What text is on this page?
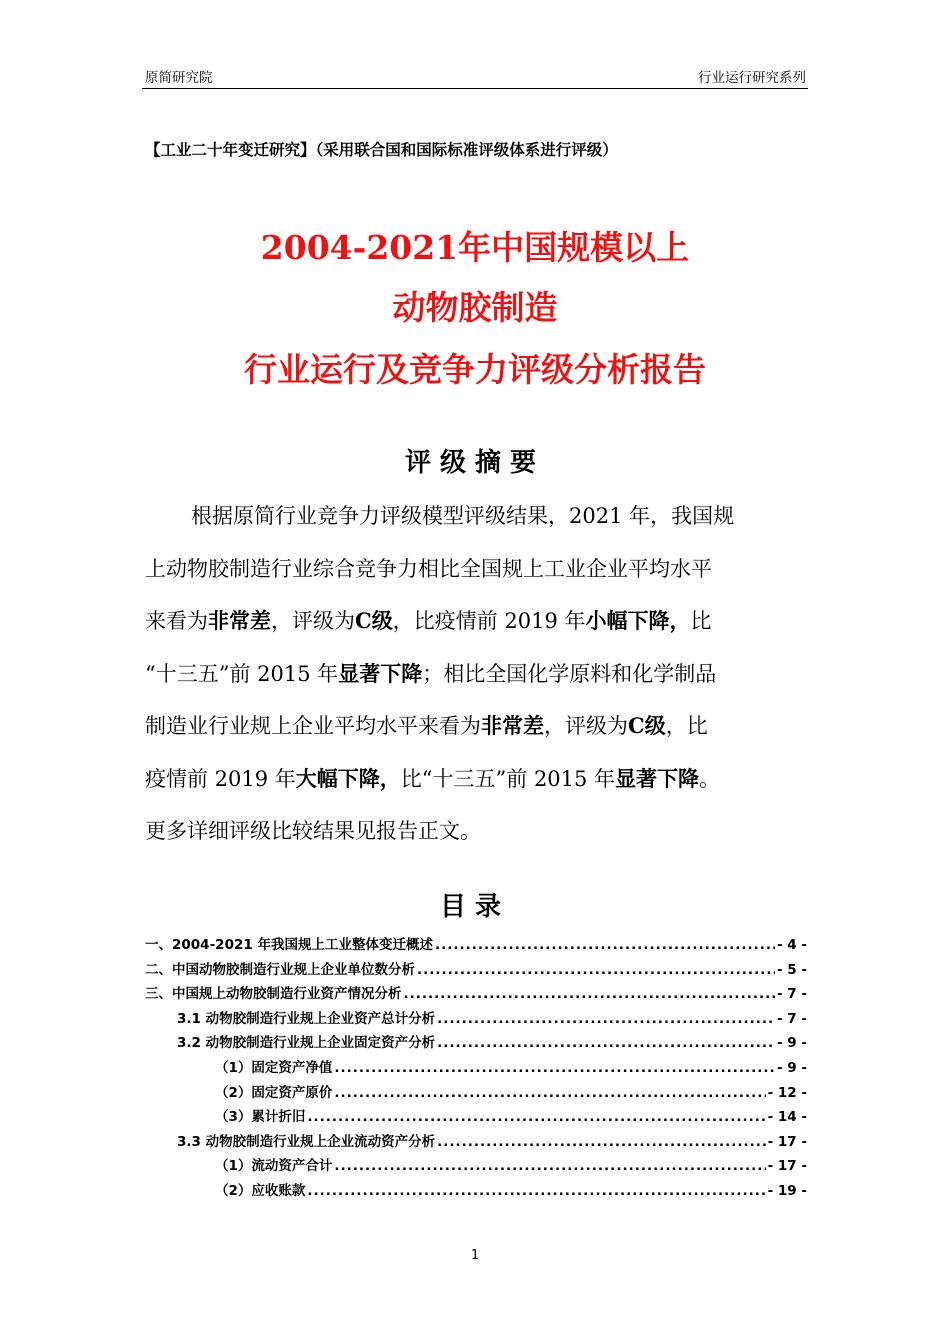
原简研究院	行业运行研究系列
【工业二十年变迁研究】（采用联合国和国际标准评级体系进行评级）
2004-2021年中国规模以上
动物胶制造
行业运行及竞争力评级分析报告
评级摘要
根据原简行业竞争力评级模型评级结果，2021 年，我国规
上动物胶制造行业综合竞争力相比全国规上工业企业平均水平
来看为非常差，评级为C级，比疫情前 2019 年小幅下降，比
“十三五”前 2015 年显著下降；相比全国化学原料和化学制品
制造业行业规上企业平均水平来看为非常差，评级为C级，比
疫情前 2019 年大幅下降，比“十三五”前 2015 年显著下降。
更多详细评级比较结果见报告正文。
目录
一、2004-2021 年我国规上工业整体变迁概述 .....	- 4 -
二、中国动物胶制造行业规上企业单位数分析 .....	- 5 -
三、中国规上动物胶制造行业资产情况分析 .....	- 7 -
3.1 动物胶制造行业规上企业资产总计分析 .....	- 7 -
3.2 动物胶制造行业规上企业固定资产分析 .....	- 9 -
（1）固定资产净值 .....	- 9 -
（2）固定资产原价 .....	- 12 -
（3）累计折旧 .....	- 14 -
3.3 动物胶制造行业规上企业流动资产分析 .....	- 17 -
（1）流动资产合计 .....	- 17 -
（2）应收账款 .....	- 19 -
1
